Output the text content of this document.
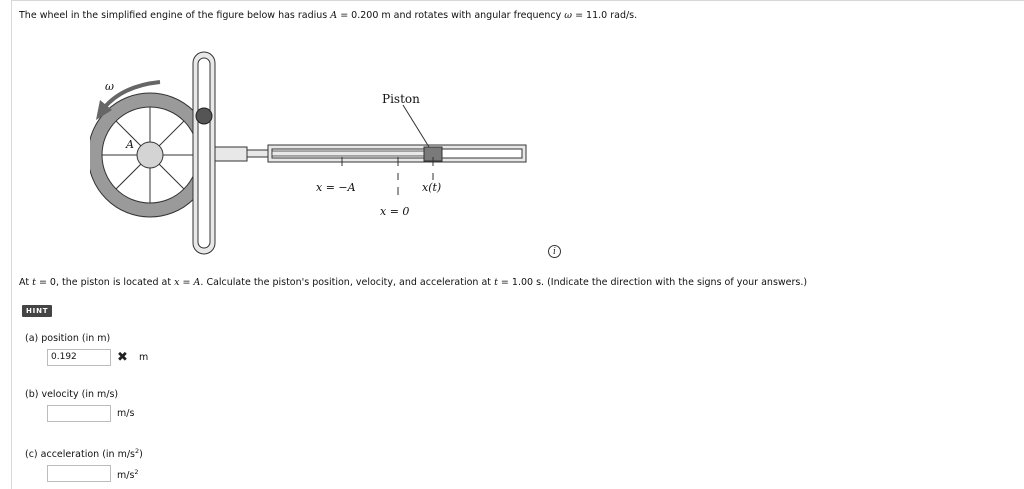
The wheel in the simplified engine of the figure below has radius A = 0.200 m and rotates with angular frequency ω = 11.0 rad/s.
ω
A
Piston
x = −A	x(t)
x = 0
i
At t = 0, the piston is located at x = A. Calculate the piston's position, velocity, and acceleration at t = 1.00 s. (Indicate the direction with the signs of your answers.)
HINT
(a) position (in m)
0.192	✖ m
(b) velocity (in m/s)
m/s
(c) acceleration (in $m/s^2$)
$m/s^2$
